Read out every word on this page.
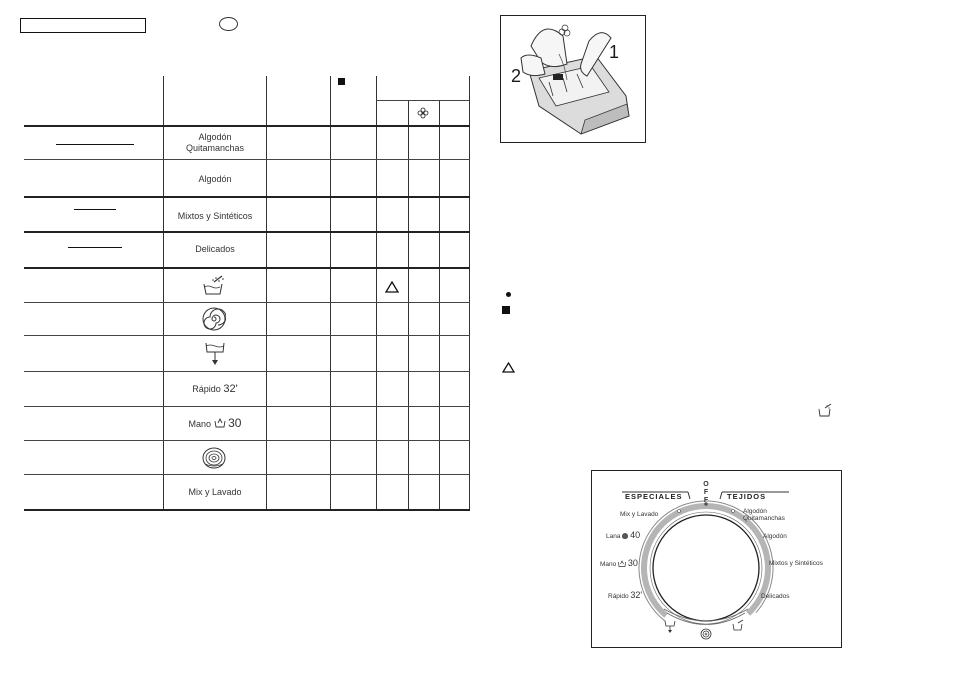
Algodón
Quitamanchas
Algodón
Mixtos y Sintéticos
Delicados
Rápido 32'
Mano 30
Mix y Lavado
1
2
OFF
ESPECIALES	TEJIDOS
Mix y Lavado
Lana 40
Mano 30
Rápido 32'
Algodón
Quitamanchas
Algodón
Mixtos y Sintéticos
Delicados
